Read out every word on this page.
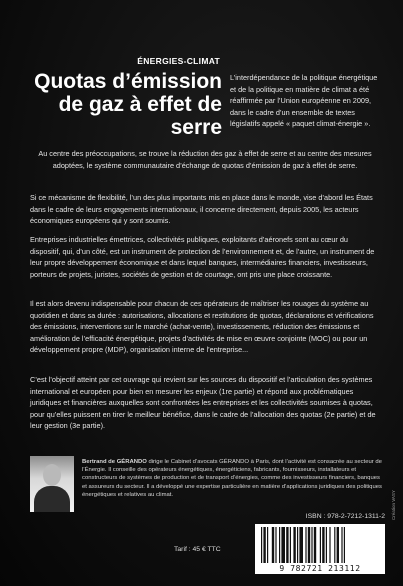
ÉNERGIES-CLIMAT
Quotas d’émission de gaz à effet de serre
L’interdépendance de la politique énergétique et de la politique en matière de climat a été réaffirmée par l’Union européenne en 2009, dans le cadre d’un ensemble de textes législatifs appelé « paquet climat-énergie ».
Au centre des préoccupations, se trouve la réduction des gaz à effet de serre et au centre des mesures adoptées, le système communautaire d’échange de quotas d’émission de gaz à effet de serre.
Si ce mécanisme de flexibilité, l’un des plus importants mis en place dans le monde, vise d’abord les États dans le cadre de leurs engagements internationaux, il concerne directement, depuis 2005, les acteurs économiques européens qui y sont soumis.
Entreprises industrielles émettrices, collectivités publiques, exploitants d’aéronefs sont au cœur du dispositif, qui, d’un côté, est un instrument de protection de l’environnement et, de l’autre, un instrument de leur propre développement économique et dans lequel banques, intermédiaires financiers, investisseurs, porteurs de projets, juristes, sociétés de gestion et de courtage, ont pris une place croissante.
Il est alors devenu indispensable pour chacun de ces opérateurs de maîtriser les rouages du système au quotidien et dans sa durée : autorisations, allocations et restitutions de quotas, déclarations et vérifications des émissions, interventions sur le marché (achat-vente), investissements, réduction des émissions et amélioration de l’efficacité énergétique, projets d’activités de mise en œuvre conjointe (MOC) ou pour un développement propre (MDP), organisation interne de l’entreprise...
C’est l’objectif atteint par cet ouvrage qui revient sur les sources du dispositif et l’articulation des systèmes international et européen pour bien en mesurer les enjeux (1re partie) et répond aux problématiques juridiques et financières auxquelles sont confrontées les entreprises et les collectivités soumises à quotas, pour qu’elles puissent en tirer le meilleur bénéfice, dans le cadre de l’allocation des quotas (2e partie) et de leur gestion (3e partie).
Bertrand de GÉRANDO dirige le Cabinet d’avocats GÉRANDO à Paris, dont l’activité est consacrée au secteur de l’Énergie. Il conseille des opérateurs énergétiques, énergéticiens, fabricants, fournisseurs, installateurs et constructeurs de systèmes de production et de transport d’énergies, comme des investisseurs financiers, banques et assureurs du secteur. Il a développé une expertise particulière en matière d’applications juridiques des politiques énergétiques et relatives au climat.
ISBN : 978-2-7212-1311-2
9 782721 213112
Tarif : 45 € TTC
Création VASY
